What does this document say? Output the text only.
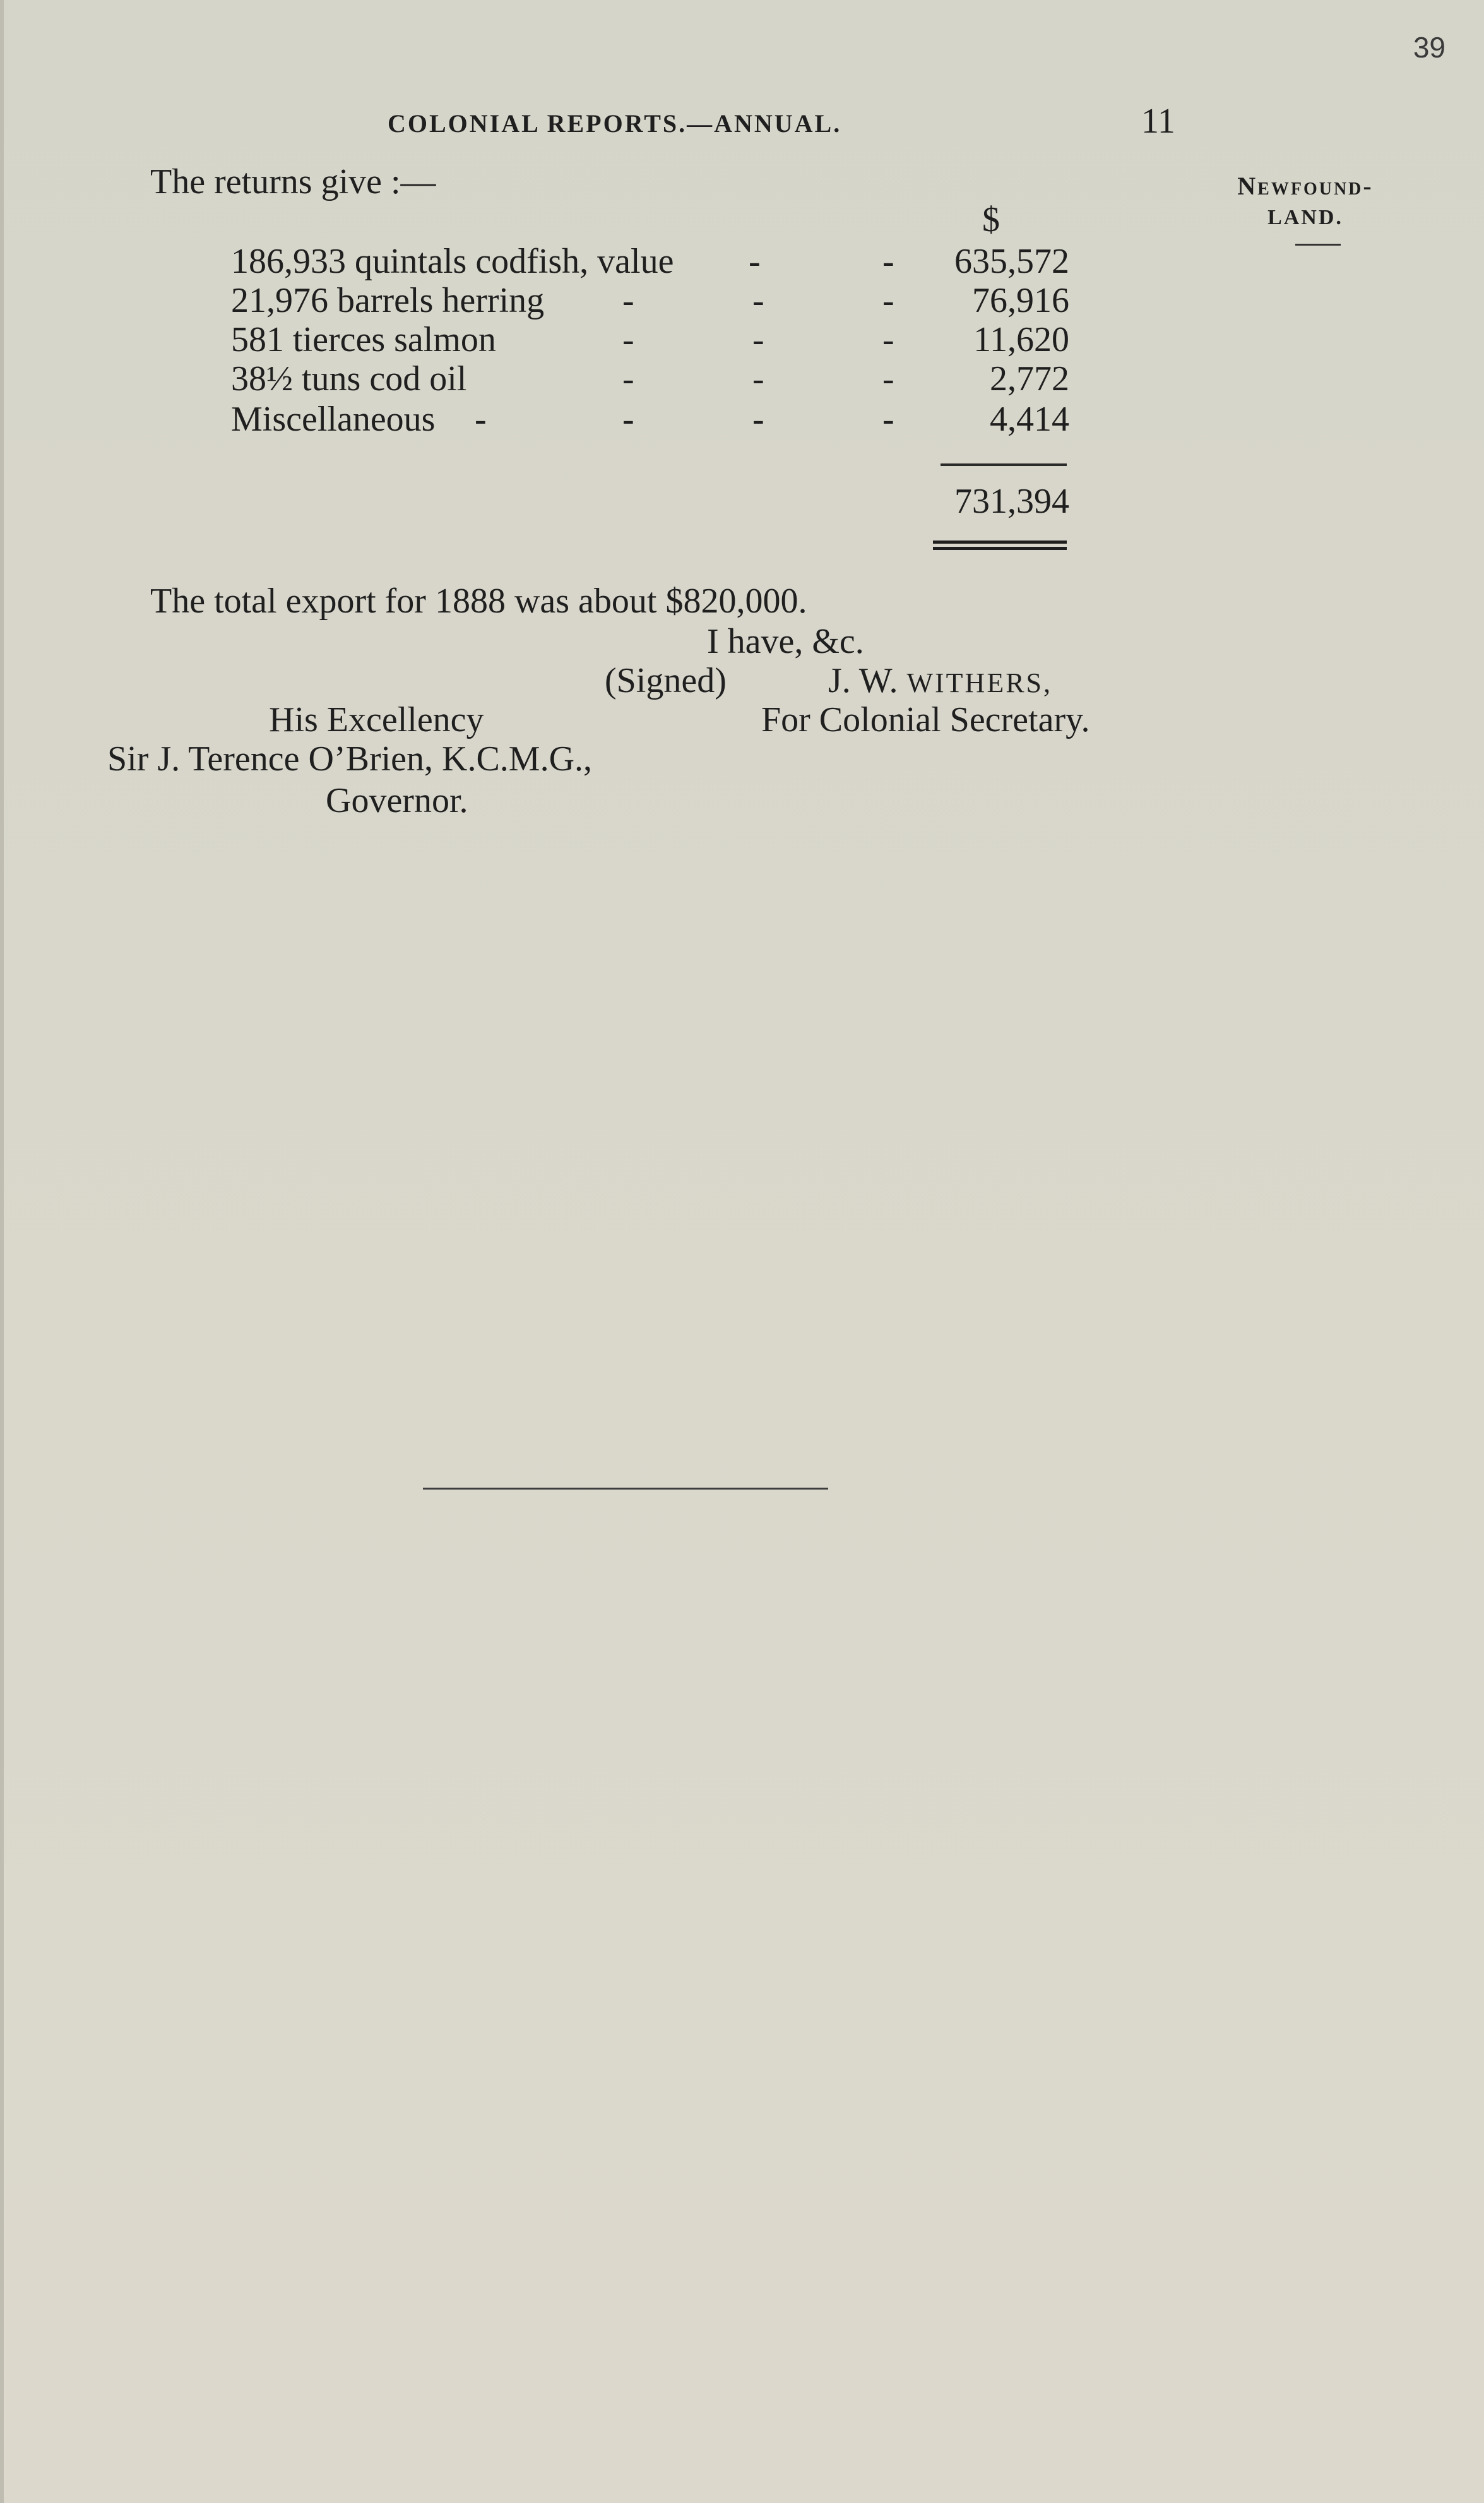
39
COLONIAL REPORTS.—ANNUAL.	11
Newfound-
LAND.
The returns give :—
$
186,933 quintals codfish, value -	-	635,572
21,976 barrels herring -	-	-	76,916
581 tierces salmon	-	-	-	11,620
38½ tuns cod oil	-	-	-	2,772
Miscellaneous -	-	-	-	4,414
731,394
The total export for 1888 was about $820,000.
I have, &c.
(Signed)	J. W. WITHERS,
His Excellency	For Colonial Secretary.
Sir J. Terence O’Brien, K.C.M.G.,
Governor.
